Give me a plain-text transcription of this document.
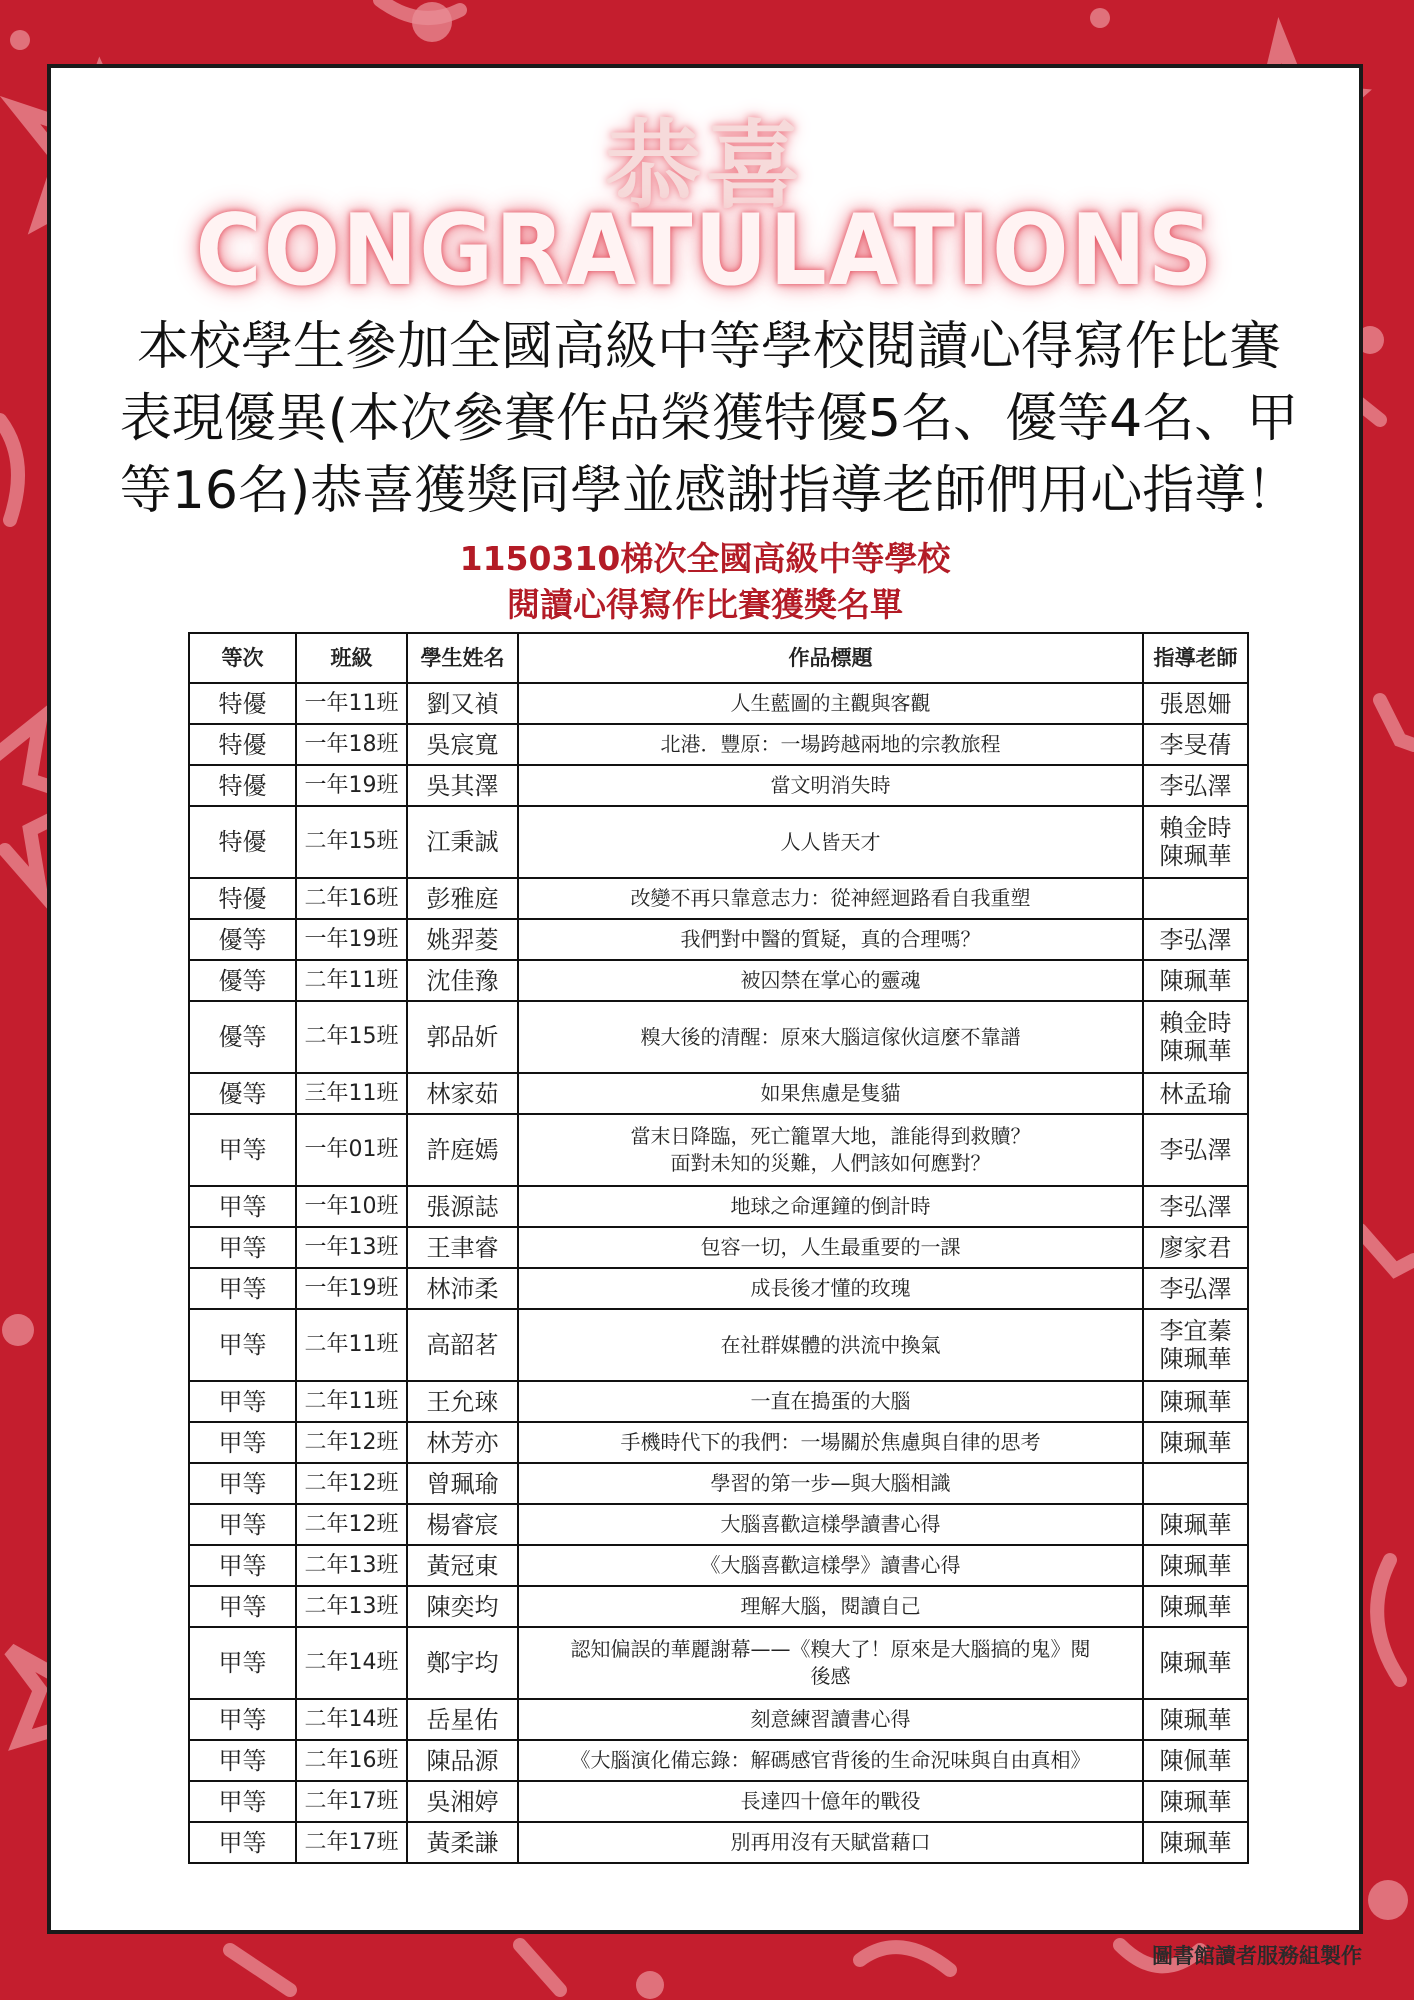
恭喜
CONGRATULATIONS
本校學生參加全國高級中等學校閱讀心得寫作比賽
表現優異(本次參賽作品榮獲特優5名、優等4名、甲
等16名)恭喜獲獎同學並感謝指導老師們用心指導！
1150310梯次全國高級中等學校
閱讀心得寫作比賽獲獎名單
等次	班級	學生姓名	作品標題	指導老師
特優	一年11班	劉又禎	人生藍圖的主觀與客觀	張恩姍

特優	一年18班	吳宸寬	北港．豐原：一場跨越兩地的宗教旅程	李旻蒨

特優	一年19班	吳其澤	當文明消失時	李弘澤

特優	二年15班	江秉誠	人人皆天才	賴金時
陳珮華

特優	二年16班	彭雅庭	改變不再只靠意志力：從神經迴路看自我重塑	

優等	一年19班	姚羿菱	我們對中醫的質疑，真的合理嗎？	李弘澤

優等	二年11班	沈佳豫	被囚禁在掌心的靈魂	陳珮華

優等	二年15班	郭品妡	糗大後的清醒：原來大腦這傢伙這麼不靠譜	賴金時
陳珮華

優等	三年11班	林家茹	如果焦慮是隻貓	林孟瑜

甲等	一年01班	許庭嫣	當末日降臨，死亡籠罩大地，誰能得到救贖？
面對未知的災難，人們該如何應對？	李弘澤

甲等	一年10班	張源誌	地球之命運鐘的倒計時	李弘澤

甲等	一年13班	王聿睿	包容一切，人生最重要的一課	廖家君

甲等	一年19班	林沛柔	成長後才懂的玫瑰	李弘澤

甲等	二年11班	高韶茗	在社群媒體的洪流中換氣	李宜蓁
陳珮華

甲等	二年11班	王允琜	一直在搗蛋的大腦	陳珮華

甲等	二年12班	林芳亦	手機時代下的我們：一場關於焦慮與自律的思考	陳珮華

甲等	二年12班	曾珮瑜	學習的第一步—與大腦相識	

甲等	二年12班	楊睿宸	大腦喜歡這樣學讀書心得	陳珮華

甲等	二年13班	黃冠東	《大腦喜歡這樣學》讀書心得	陳珮華

甲等	二年13班	陳奕均	理解大腦，閱讀自己	陳珮華

甲等	二年14班	鄭宇均	認知偏誤的華麗謝幕——《糗大了！原來是大腦搞的鬼》閱
後感	陳珮華

甲等	二年14班	岳星佑	刻意練習讀書心得	陳珮華

甲等	二年16班	陳品源	《大腦演化備忘錄：解碼感官背後的生命況味與自由真相》	陳佩華

甲等	二年17班	吳湘婷	長達四十億年的戰役	陳珮華

甲等	二年17班	黃柔謙	別再用沒有天賦當藉口	陳珮華
圖書館讀者服務組製作
